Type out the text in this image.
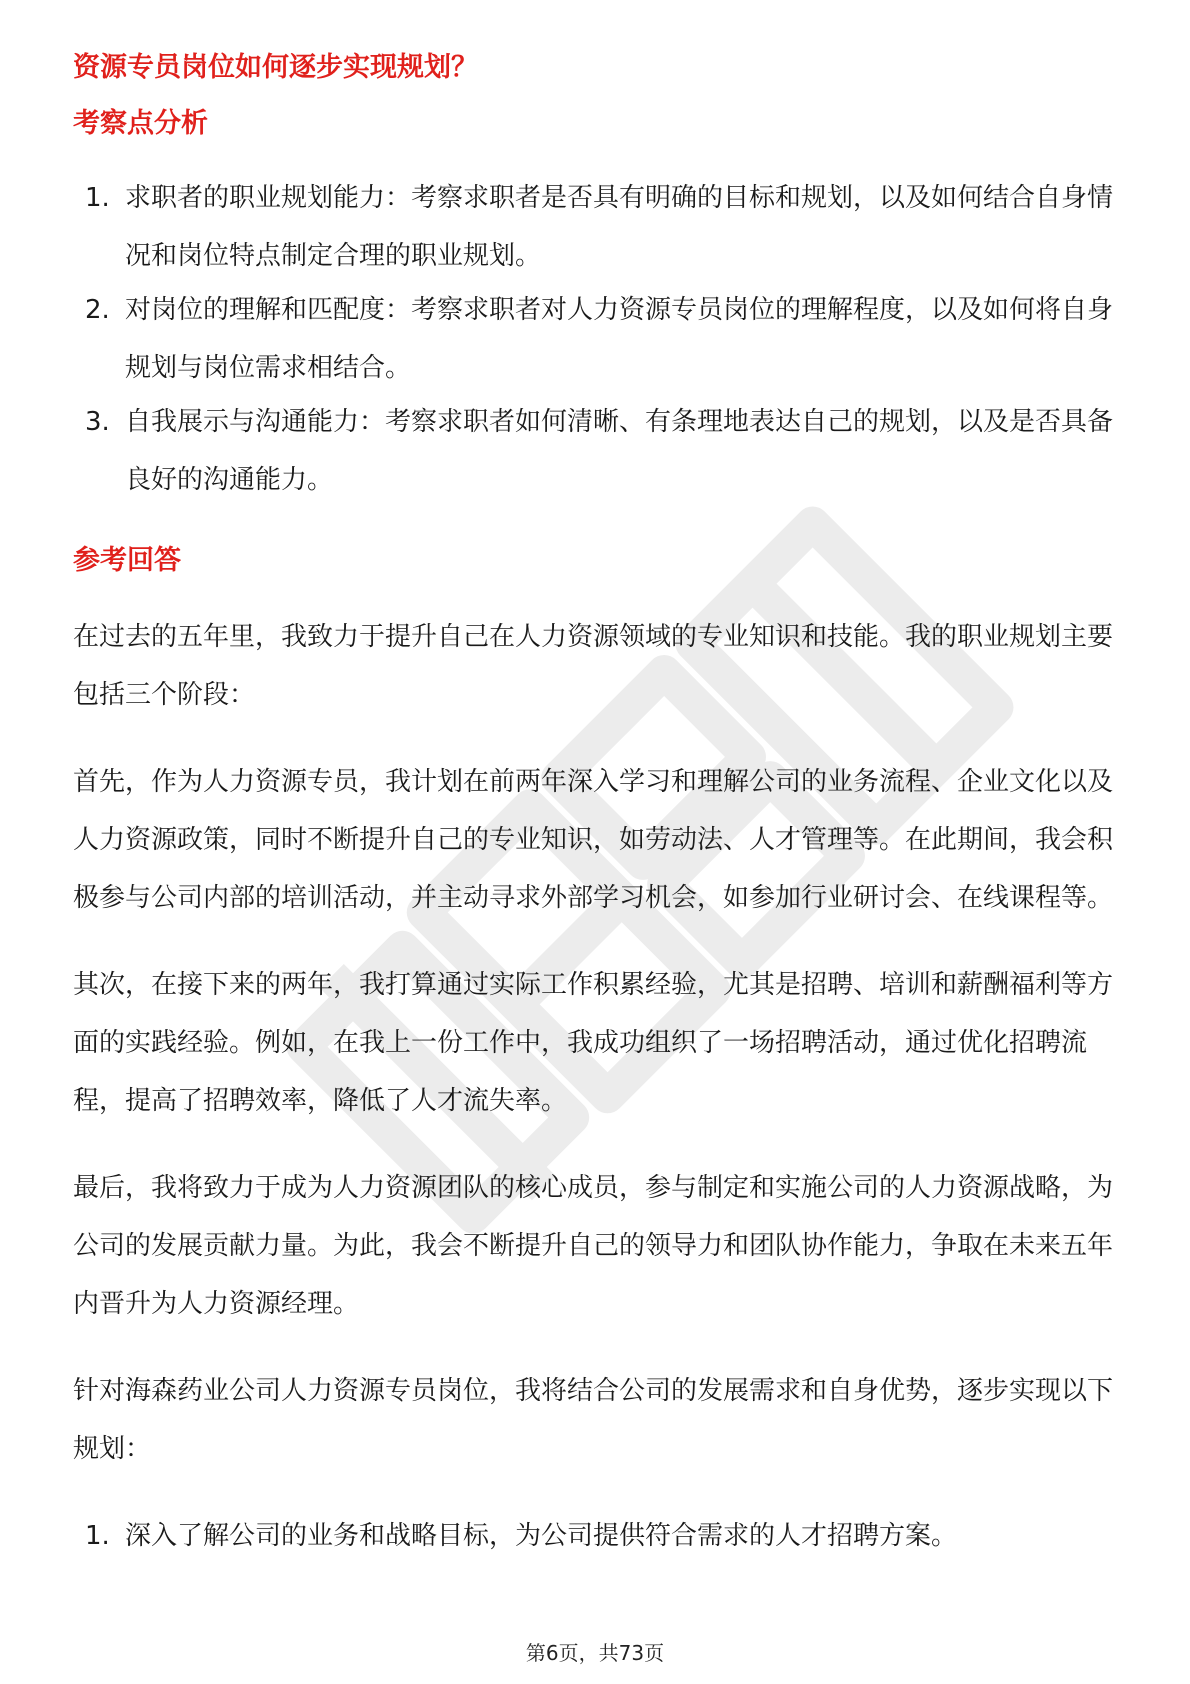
资源专员岗位如何逐步实现规划？
考察点分析
1. 求职者的职业规划能力：考察求职者是否具有明确的目标和规划，以及如何结合自身情况和岗位特点制定合理的职业规划。
2. 对岗位的理解和匹配度：考察求职者对人力资源专员岗位的理解程度，以及如何将自身规划与岗位需求相结合。
3. 自我展示与沟通能力：考察求职者如何清晰、有条理地表达自己的规划，以及是否具备良好的沟通能力。
参考回答

在过去的五年里，我致力于提升自己在人力资源领域的专业知识和技能。我的职业规划主要包括三个阶段：

首先，作为人力资源专员，我计划在前两年深入学习和理解公司的业务流程、企业文化以及人力资源政策，同时不断提升自己的专业知识，如劳动法、人才管理等。在此期间，我会积极参与公司内部的培训活动，并主动寻求外部学习机会，如参加行业研讨会、在线课程等。

其次，在接下来的两年，我打算通过实际工作积累经验，尤其是招聘、培训和薪酬福利等方面的实践经验。例如，在我上一份工作中，我成功组织了一场招聘活动，通过优化招聘流程，提高了招聘效率，降低了人才流失率。

最后，我将致力于成为人力资源团队的核心成员，参与制定和实施公司的人力资源战略，为公司的发展贡献力量。为此，我会不断提升自己的领导力和团队协作能力，争取在未来五年内晋升为人力资源经理。

针对海森药业公司人力资源专员岗位，我将结合公司的发展需求和自身优势，逐步实现以下规划：

1. 深入了解公司的业务和战略目标，为公司提供符合需求的人才招聘方案。
第6页，共73页
